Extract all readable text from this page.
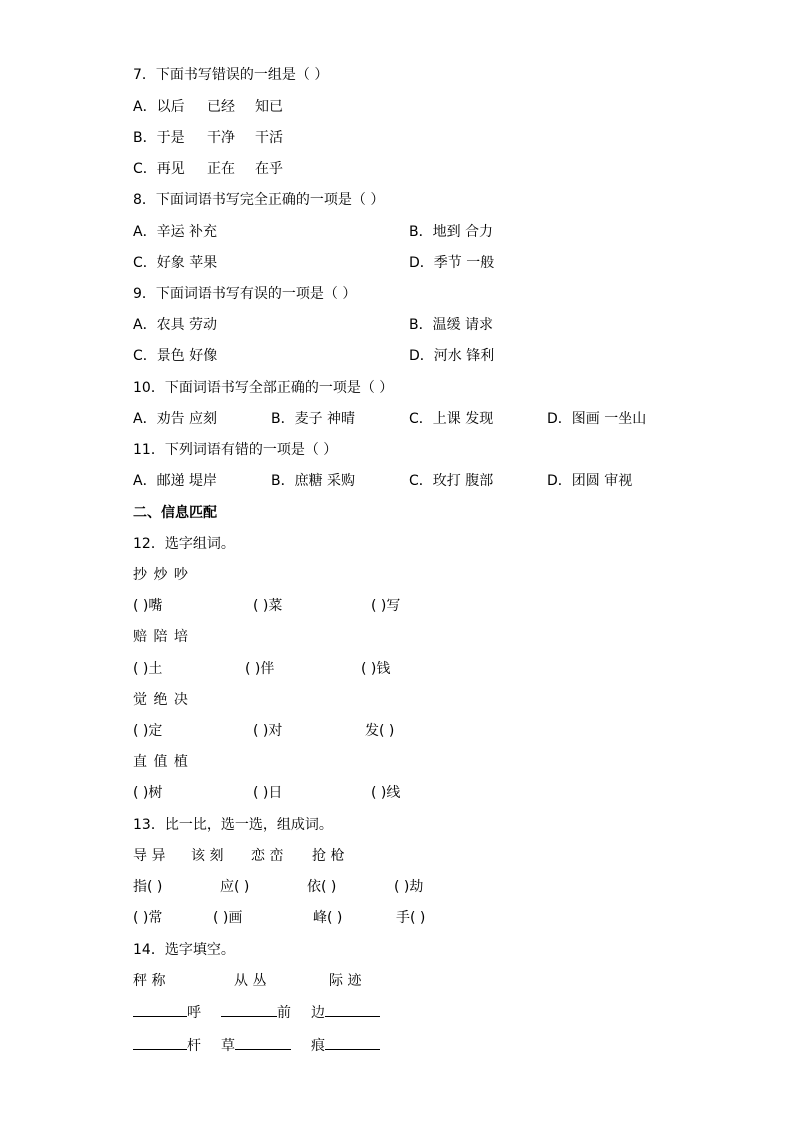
7．下面书写错误的一组是（ ）
A．以后 已经 知已
B．于是 干净 干活
C．再见 正在 在乎
8．下面词语书写完全正确的一项是（ ）
A．辛运 补充	B．地到 合力
C．好象 苹果	D．季节 一般
9．下面词语书写有误的一项是（ ）
A．农具 劳动	B．温缓 请求
C．景色 好像	D．河水 锋利
10．下面词语书写全部正确的一项是（ ）
A．劝告 应刻	B．麦子 神晴	C．上课 发现	D．图画 一坐山
11．下列词语有错的一项是（ ）
A．邮递 堤岸	B．庶糖 采购	C．玫打 腹部	D．团圆 审视
二、信息匹配
12．选字组词。
抄 炒 吵
( )嘴	( )菜	( )写
赔 陪 培
( )土	( )伴	( )钱
觉 绝 决
( )定	( )对	发( )
直 值 植
( )树	( )日	( )线
13．比一比，选一选，组成词。
导 异 该 刻 恋 峦 抢 枪
指( )	应( )	依( )	( )劫
( )常	( )画	峰( )	手( )
14．选字填空。
秤 称	从 丛	际 迹
呼	前 边
杆 草	痕
